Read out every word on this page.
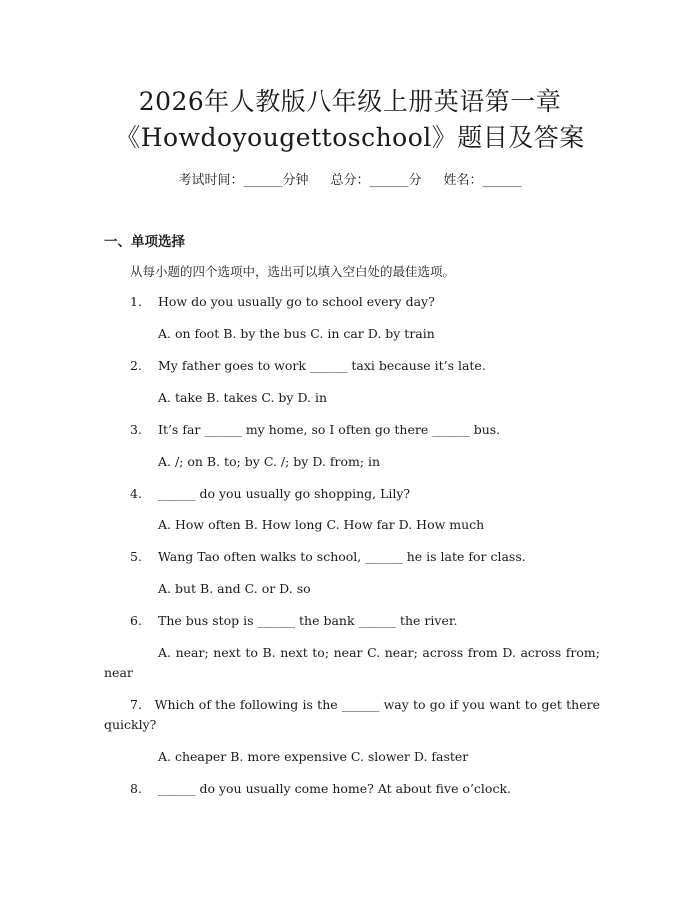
2026年人教版八年级上册英语第一章
《Howdoyougettoschool》题目及答案
考试时间：______分钟 总分：______分 姓名：______
一、单项选择
从每小题的四个选项中，选出可以填入空白处的最佳选项。
1. How do you usually go to school every day?
A. on foot B. by the bus C. in car D. by train
2. My father goes to work ______ taxi because it’s late.
A. take B. takes C. by D. in
3. It’s far ______ my home, so I often go there ______ bus.
A. /; on B. to; by C. /; by D. from; in
4. ______ do you usually go shopping, Lily?
A. How often B. How long C. How far D. How much
5. Wang Tao often walks to school, ______ he is late for class.
A. but B. and C. or D. so
6. The bus stop is ______ the bank ______ the river.
A. near; next to B. next to; near C. near; across from D. across from; near
7. Which of the following is the ______ way to go if you want to get there quickly?
A. cheaper B. more expensive C. slower D. faster
8. ______ do you usually come home? At about five o’clock.
